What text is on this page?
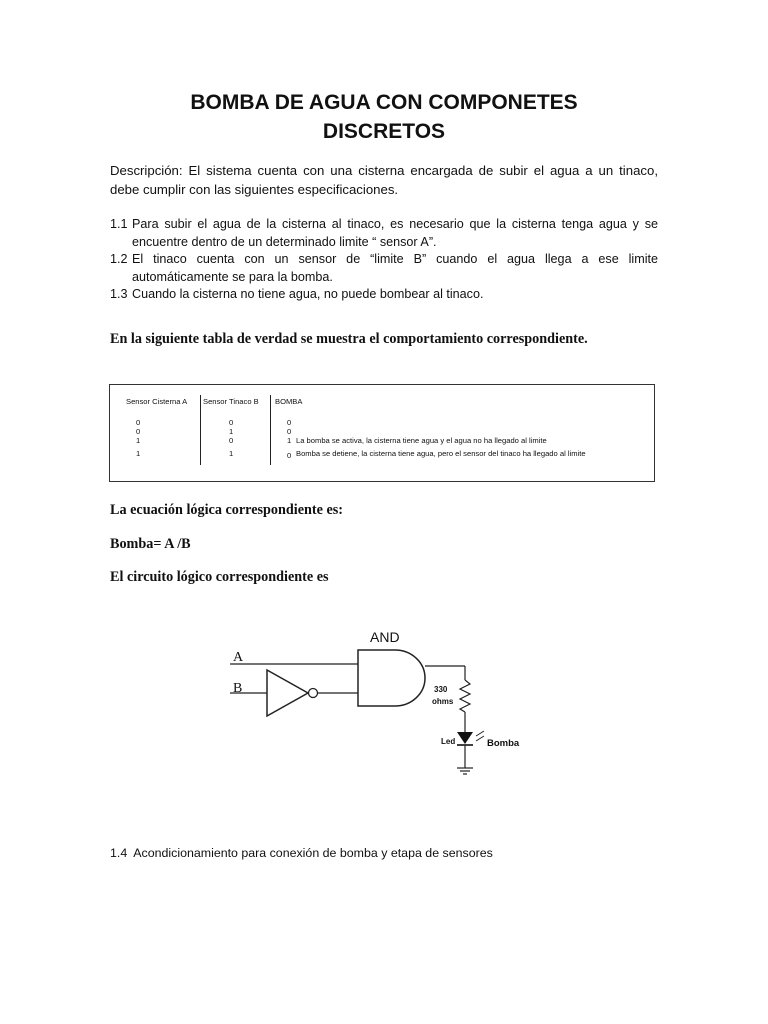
BOMBA DE AGUA CON COMPONETES
DISCRETOS
Descripción: El sistema cuenta con una cisterna encargada de subir el agua a un tinaco, debe cumplir con las siguientes especificaciones.
1.1 Para subir el agua de la cisterna al tinaco, es necesario que la cisterna tenga agua y se encuentre dentro de un determinado limite “ sensor A”.
1.2 El tinaco cuenta con un sensor de “limite B” cuando el agua llega a ese limite automáticamente se para la bomba.
1.3 Cuando la cisterna no tiene agua, no puede bombear al tinaco.
En la siguiente tabla de verdad se muestra el comportamiento correspondiente.
Sensor Cisterna A Sensor Tinaco B BOMBA
0	0	0
0	1	0
1	0	1 La bomba se activa, la cisterna tiene agua y el agua no ha llegado al limite
1	1	0 Bomba se detiene, la cisterna tiene agua, pero el sensor del tinaco ha llegado al limite
La ecuación lógica correspondiente es:
Bomba= A /B
El circuito lógico correspondiente es
AND
A
B	330
ohms
Led	Bomba
1.4 Acondicionamiento para conexión de bomba y etapa de sensores
